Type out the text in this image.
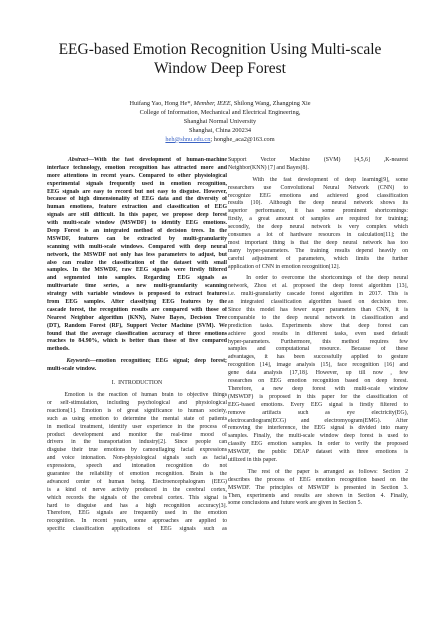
EEG-based Emotion Recognition Using Multi-scale
Window Deep Forest
Huifang Yao, Hong He*, Member, IEEE, Shilong Wang, Zhangping Xie
College of Information, Mechanical and Electrical Engineering,
Shanghai Normal University
Shanghai, China 200234
heh@shnu.edu.cn; honghe_aca2@163.com
Abstract—With the fast development of human-machine
interface technology, emotion recognition has attracted more and
more attentions in recent years. Compared to other physiological
experimental signals frequently used in emotion recognition,
EEG signals are easy to record but not easy to disguise. However,
because of high dimensionality of EEG data and the diversity of
human emotions, feature extraction and classification of EEG
signals are still difficult. In this paper, we propose deep forest
with multi-scale window (MSWDF) to identify EEG emotions.
Deep Forest is an integrated method of decision trees. In the
MSWDF, features can be extracted by multi-granularity
scanning with multi-scale windows. Compared with deep neural
network, the MSWDF not only has less parameters to adjust, but
also can realize the classification of the dataset with small
samples. In the MSWDF, raw EEG signals were firstly filtered
and segmented into samples. Regarding EEG signals as
multivariate time series, a new multi-granularity scanning
strategy with variable windows is proposed to extract features
from EEG samples. After classifying EEG features by the
cascade forest, the recognition results are compared with those of
Nearest Neighbor algorithm (KNN), Naive Bayes, Decision Tree
(DT), Random Forest (RF), Support Vector Machine (SVM). We
found that the average classification accuracy of three emotions
reaches to 84.90%, which is better than those of five compared
methods.
Keywords—emotion recognition; EEG signal; deep forest;
multi-scale window.
I. INTRODUCTION
Emotion is the reaction of human brain to objective things
or self-stimulation, including psychological and physiological
reactions[1]. Emotion is of great significance to human society,
such as using emotion to determine the mental state of patients
in medical treatment, identify user experience in the process of
product development and monitor the real-time mood of
drivers in the transportation industry[2]. Since people can
disguise their true emotions by camouflaging facial expressions
and voice intonation. Non-physiological signals such as facial
expressions, speech and intonation recognition do not
guarantee the reliability of emotion recognition. Brain is the
advanced center of human being. Electroencephalogram (EEG)
is a kind of nerve activity produced in the cerebral cortex,
which records the signals of the cerebral cortex. This signal is
hard to disguise and has a high recognition accuracy[3].
Therefore, EEG signals are frequently used in the emotion
recognition. In recent years, some approaches are applied to
specific classification applications of EEG signals such as
Support Vector Machine (SVM) [4,5,6] ,K-nearest
Neighbor(KNN) [7] and Bayes[8].
With the fast development of deep learning[9], some
researchers use Convolutional Neural Network (CNN) to
recognize EEG emotions and achieved good classification
results [10]. Although the deep neural network shows its
superior performance, it has some prominent shortcomings:
firstly, a great amount of samples are required for training;
secondly, the deep neural network is very complex which
consumes a lot of hardware resources in calculation[11]; the
most important thing is that the deep neural network has too
many hyper-parameters. The training results depend heavily on
careful adjustment of parameters, which limits the further
application of CNN in emotion recognition[12].
In order to overcome the shortcomings of the deep neural
network, Zhou et al. proposed the deep forest algorithm [13],
i.e. multi-granularity cascade forest algorithm in 2017. This is
an integrated classification algorithm based on decision tree.
Since this model has fewer super parameters than CNN, it is
comparable to the deep neural network in classification and
prediction tasks. Experiments show that deep forest can
achieve good results in different tasks, even used default
hyper-parameters. Furthermore, this method requires few
samples and computational resource. Because of these
advantages, it has been successfully applied to gesture
recognition [14], image analysis [15], face recognition [16] and
gene data analysis [17,18]. However, up till now , few
researches on EEG emotion recognition based on deep forest.
Therefore, a new deep forest with multi-scale window
(MSWDF) is proposed in this paper for the classification of
EEG-based emotions. Every EEG signal is firstly filtered to
remove artifacts such as eye electricity(EG),
electrocardiogram(ECG) and electromyogram(EMG). After
removing the interference, the EEG signal is divided into many
samples. Finally, the multi-scale window deep forest is used to
classify EEG emotion samples. In order to verify the proposed
MSWDF, the public DEAP dataset with three emotions is
utilized in this paper.
The rest of the paper is arranged as follows: Section 2
describes the process of EEG emotion recognition based on the
MSWDF. The principles of MSWDF is presented in Section 3.
Then, experiments and results are shown in Section 4. Finally,
some conclusions and future work are given in Section 5.
